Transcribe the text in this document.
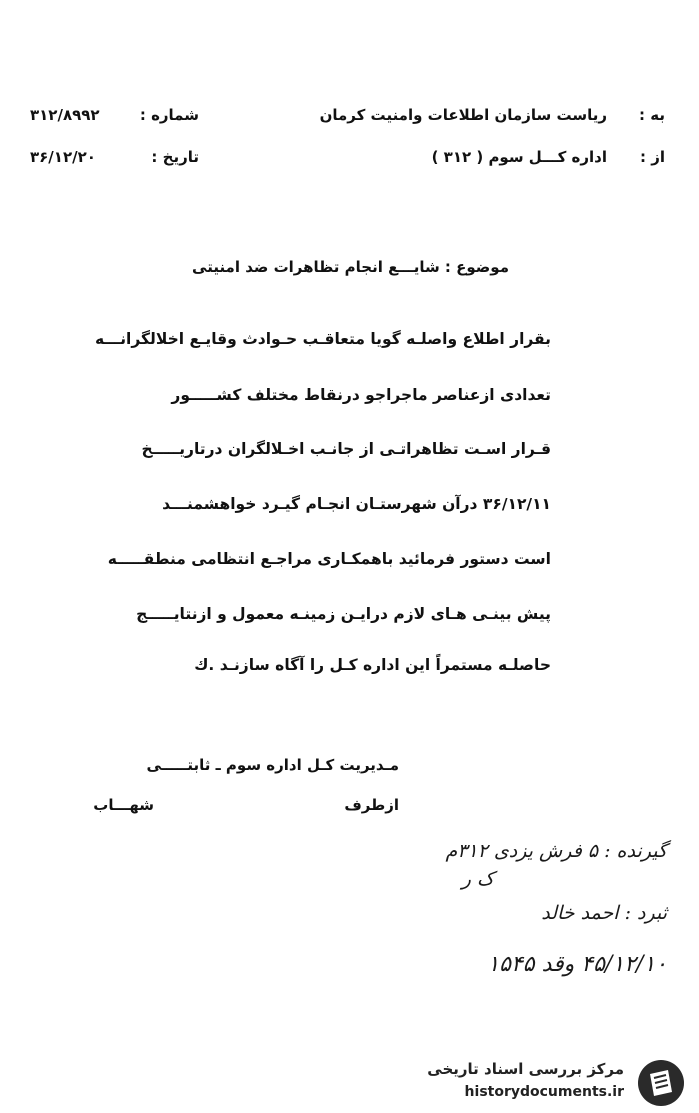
به :
ریاست سازمان اطلاعات وامنیت کرمان
از :
اداره کـــل سوم ( ۳۱۲ )
شماره :
۳۱۲/۸۹۹۲
تاریخ :
۳۶/۱۲/۲۰
موضوع : شایـــع انجام تظاهرات ضد امنیتی
بقرار اطلاع واصلـه گویا متعاقـب حـوادث وقایـع اخلالگرانـــه
تعدادی ازعناصر ماجراجو درنقاط مختلف کشـــــور
قـرار اسـت تظاهراتـی از جانـب اخـلالگران درتاریـــــخ
۳۶/۱۲/۱۱ درآن شهرستـان انجـام گیـرد خواهشمنـــد
است دستور فرمائید باهمکـاری مراجـع انتظامی منطقـــــه
پیش بینـی هـای لازم درایـن زمینـه معمول و ازنتایـــــج
حاصلـه مستمراً این اداره کـل را آگاه سازنـد .ك
مـدیریت کـل اداره سوم ـ ثابتـــــی
ازطرف
شهـــاب
گیرنده : ۵ فرش یزدی ۳۱۲م
ک ر
ثبرد : احمد خالد
۴۵/۱۲/۱۰ وقد ۱۵۴۵
مرکز بررسی اسناد تاریخی
historydocuments.ir
